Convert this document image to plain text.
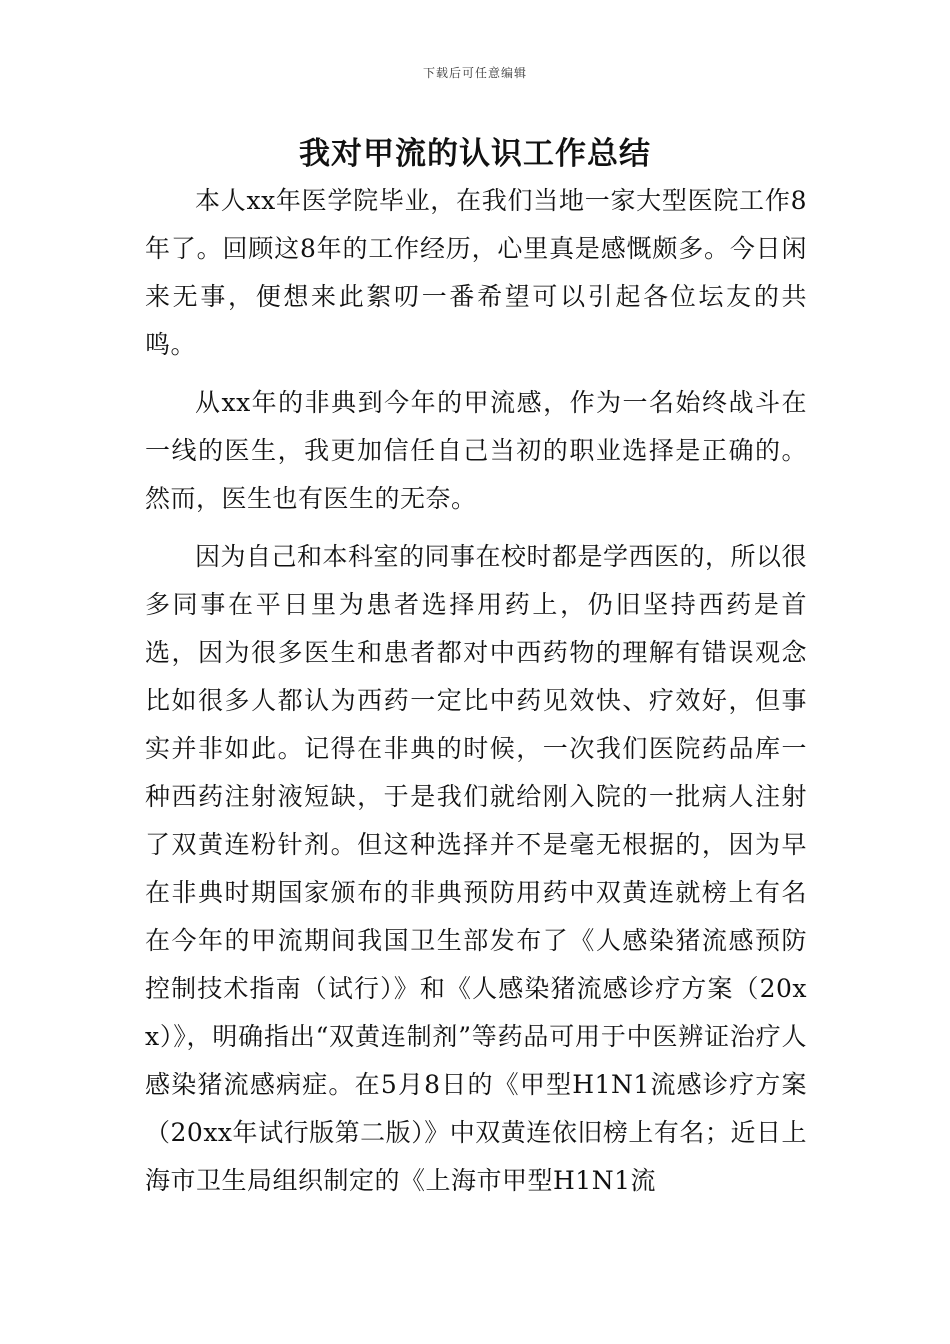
下载后可任意编辑
我对甲流的认识工作总结

本人xx年医学院毕业，在我们当地一家大型医院工作8年了。回顾这8年的工作经历，心里真是感慨颇多。今日闲来无事，便想来此絮叨一番希望可以引起各位坛友的共鸣。

从xx年的非典到今年的甲流感，作为一名始终战斗在一线的医生，我更加信任自己当初的职业选择是正确的。然而，医生也有医生的无奈。

因为自己和本科室的同事在校时都是学西医的，所以很多同事在平日里为患者选择用药上，仍旧坚持西药是首选，因为很多医生和患者都对中西药物的理解有错误观念比如很多人都认为西药一定比中药见效快、疗效好，但事实并非如此。记得在非典的时候，一次我们医院药品库一种西药注射液短缺，于是我们就给刚入院的一批病人注射了双黄连粉针剂。但这种选择并不是毫无根据的，因为早在非典时期国家颁布的非典预防用药中双黄连就榜上有名在今年的甲流期间我国卫生部发布了《人感染猪流感预防控制技术指南（试行）》和《人感染猪流感诊疗方案（20xx）》，明确指出“双黄连制剂”等药品可用于中医辨证治疗人感染猪流感病症。在5月8日的《甲型H1N1流感诊疗方案（20xx年试行版第二版）》中双黄连依旧榜上有名；近日上海市卫生局组织制定的《上海市甲型H1N1流
